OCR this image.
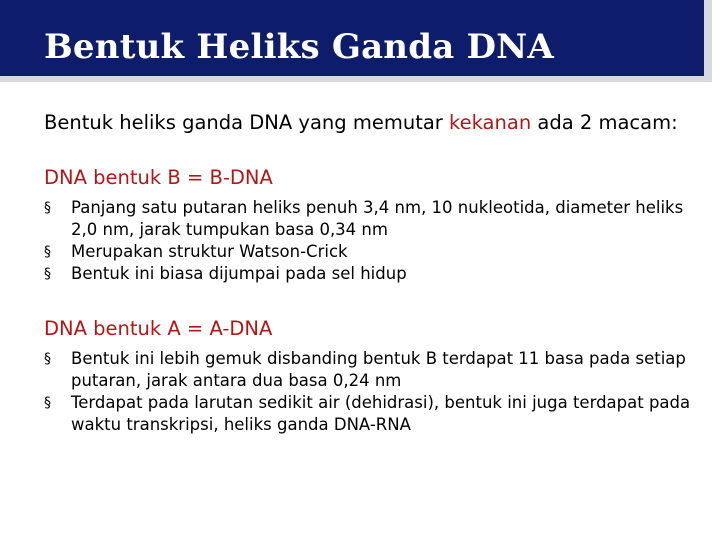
Bentuk Heliks Ganda DNA

Bentuk heliks ganda DNA yang memutar kekanan ada 2 macam:

DNA bentuk B = B-DNA

§ Panjang satu putaran heliks penuh 3,4 nm, 10 nukleotida, diameter heliks 2,0 nm, jarak tumpukan basa 0,34 nm
§ Merupakan struktur Watson-Crick
§ Bentuk ini biasa dijumpai pada sel hidup

DNA bentuk A = A-DNA

§ Bentuk ini lebih gemuk disbanding bentuk B terdapat 11 basa pada setiap putaran, jarak antara dua basa 0,24 nm
§ Terdapat pada larutan sedikit air (dehidrasi), bentuk ini juga terdapat pada waktu transkripsi, heliks ganda DNA-RNA
